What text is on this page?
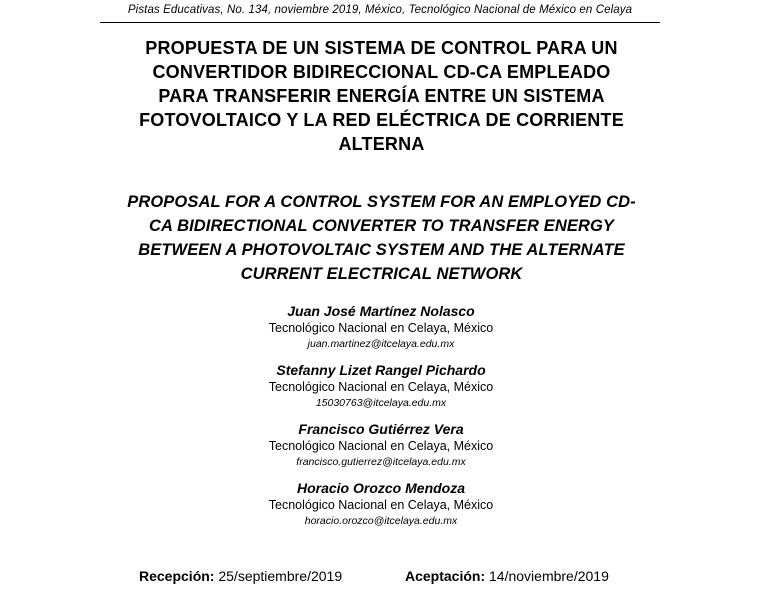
Pistas Educativas, No. 134, noviembre 2019, México, Tecnológico Nacional de México en Celaya
PROPUESTA DE UN SISTEMA DE CONTROL PARA UN
CONVERTIDOR BIDIRECCIONAL CD-CA EMPLEADO
PARA TRANSFERIR ENERGÍA ENTRE UN SISTEMA
FOTOVOLTAICO Y LA RED ELÉCTRICA DE CORRIENTE
ALTERNA
PROPOSAL FOR A CONTROL SYSTEM FOR AN EMPLOYED CD-
CA BIDIRECTIONAL CONVERTER TO TRANSFER ENERGY
BETWEEN A PHOTOVOLTAIC SYSTEM AND THE ALTERNATE
CURRENT ELECTRICAL NETWORK
Juan José Martínez Nolasco
Tecnológico Nacional en Celaya, México
juan.martinez@itcelaya.edu.mx
Stefanny Lizet Rangel Pichardo
Tecnológico Nacional en Celaya, México
15030763@itcelaya.edu.mx
Francisco Gutiérrez Vera
Tecnológico Nacional en Celaya, México
francisco.gutierrez@itcelaya.edu.mx
Horacio Orozco Mendoza
Tecnológico Nacional en Celaya, México
horacio.orozco@itcelaya.edu.mx
Recepción: 25/septiembre/2019	Aceptación: 14/noviembre/2019
